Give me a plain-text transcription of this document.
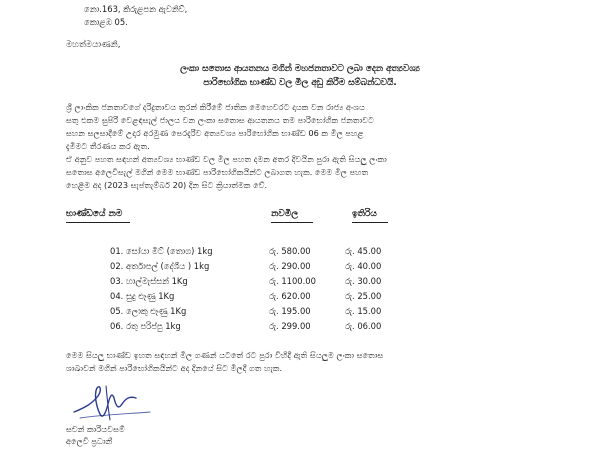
නො.163, කිරුළපන ඇවනිව්,
කොළඹ 05.
මහත්මයාණනි,
ලංකා සතොස ආයතනය මගින් මහජනතාවට ලබා දෙන අත්‍යවශ්‍ය
පාරිභෝගික භාණ්ඩ වල මිල අඩු කිරීම සම්බන්ධවයි.
ශ්‍රී ලාංකික ජනතාවගේ දරිද්‍රතාවය තුරන් කිරීමේ ජාතික මෙහෙවරට දායක වන රාජ්‍ය අංශය
සතු එකම සුපිරි වෙළඳසැල් ජාලය වන ලංකා සතොස ආයතනය තම පාරිභෝගික ජනතාවට
සහන සලසාදීමේ උදාර අරමුණ පෙරදැරිව අත්‍යවශ්‍ය පාරිභෝගික භාණ්ඩ 06 ක මිල පහළ
දැමීමට තීරණය කර ඇත.
ඒ අනුව පහත සඳහන් අත්‍යවශ්‍ය භාණ්ඩ වල මිල පහත දමන අතර දිවයින පුරා ඇති සියලු ලංකා
සතොස අලෙවිසැල් මගින් මෙම භාණ්ඩ පාරිභෝගිකයින්ට ලබාගත හැක. මෙම මිල පහත
හෙළීම අද (2023 සැප්තැම්බර් 20) දින සිට ක්‍රියාත්මක වේ.
භාණ්ඩයේ නම	නවමිල	ඉතිරිය
01. සෝයා මීට් (තොග) 1kg	රු. 580.00	රු. 45.00
02. අර්තාපල් (දේශීය ) 1kg	රු. 290.00	රු. 40.00
03. හාල්මැස්සන් 1Kg	රු. 1100.00	රු. 30.00
04. සුදු ළූණු 1Kg	රු. 620.00	රු. 25.00
05. ලොකු ළූණු 1Kg	රු. 195.00	රු. 15.00
06. රතු පරිප්පු 1kg	රු. 299.00	රු. 06.00
මෙම සියලු භාණ්ඩ ඉහත සඳහන් මිල ගණන් යටතේ රට පුරා විහිදී ඇති සියලුම ලංකා සතොස
ශාඛාවන් මගින් පාරිභෝගිකයින්ට අද දිනයේ සිට මිලදී ගත හැක.
සචන් කාරියවසම්
අලෙවි ප්‍රධානී
